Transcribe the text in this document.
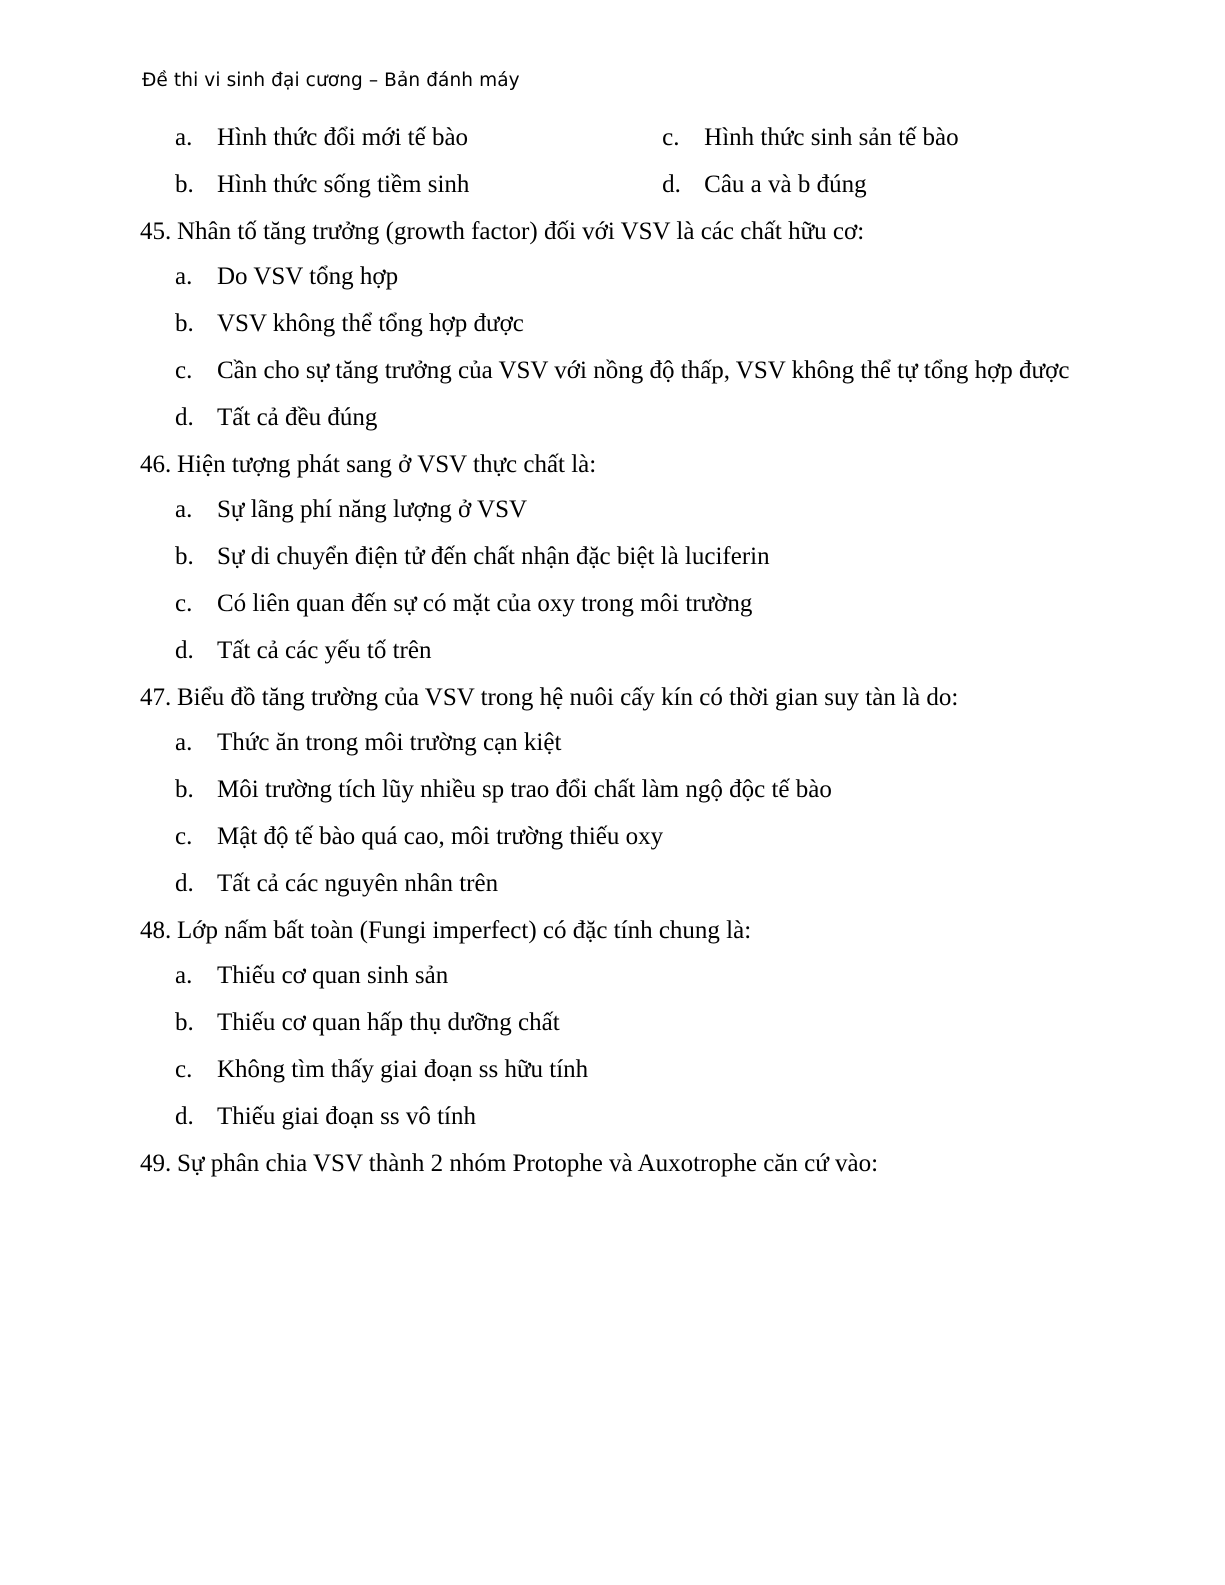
Đề thi vi sinh đại cương – Bản đánh máy
a. Hình thức đổi mới tế bào	c. Hình thức sinh sản tế bào
b. Hình thức sống tiềm sinh	d. Câu a và b đúng
45. Nhân tố tăng trưởng (growth factor) đối với VSV là các chất hữu cơ:
a. Do VSV tổng hợp
b. VSV không thể tổng hợp được
c. Cần cho sự tăng trưởng của VSV với nồng độ thấp, VSV không thể tự tổng hợp được
d. Tất cả đều đúng
46. Hiện tượng phát sang ở VSV thực chất là:
a. Sự lãng phí năng lượng ở VSV
b. Sự di chuyển điện tử đến chất nhận đặc biệt là luciferin
c. Có liên quan đến sự có mặt của oxy trong môi trường
d. Tất cả các yếu tố trên
47. Biểu đồ tăng trường của VSV trong hệ nuôi cấy kín có thời gian suy tàn là do:
a. Thức ăn trong môi trường cạn kiệt
b. Môi trường tích lũy nhiều sp trao đổi chất làm ngộ độc tế bào
c. Mật độ tế bào quá cao, môi trường thiếu oxy
d. Tất cả các nguyên nhân trên
48. Lớp nấm bất toàn (Fungi imperfect) có đặc tính chung là:
a. Thiếu cơ quan sinh sản
b. Thiếu cơ quan hấp thụ dưỡng chất
c. Không tìm thấy giai đoạn ss hữu tính
d. Thiếu giai đoạn ss vô tính
49. Sự phân chia VSV thành 2 nhóm Protophe và Auxotrophe căn cứ vào:
